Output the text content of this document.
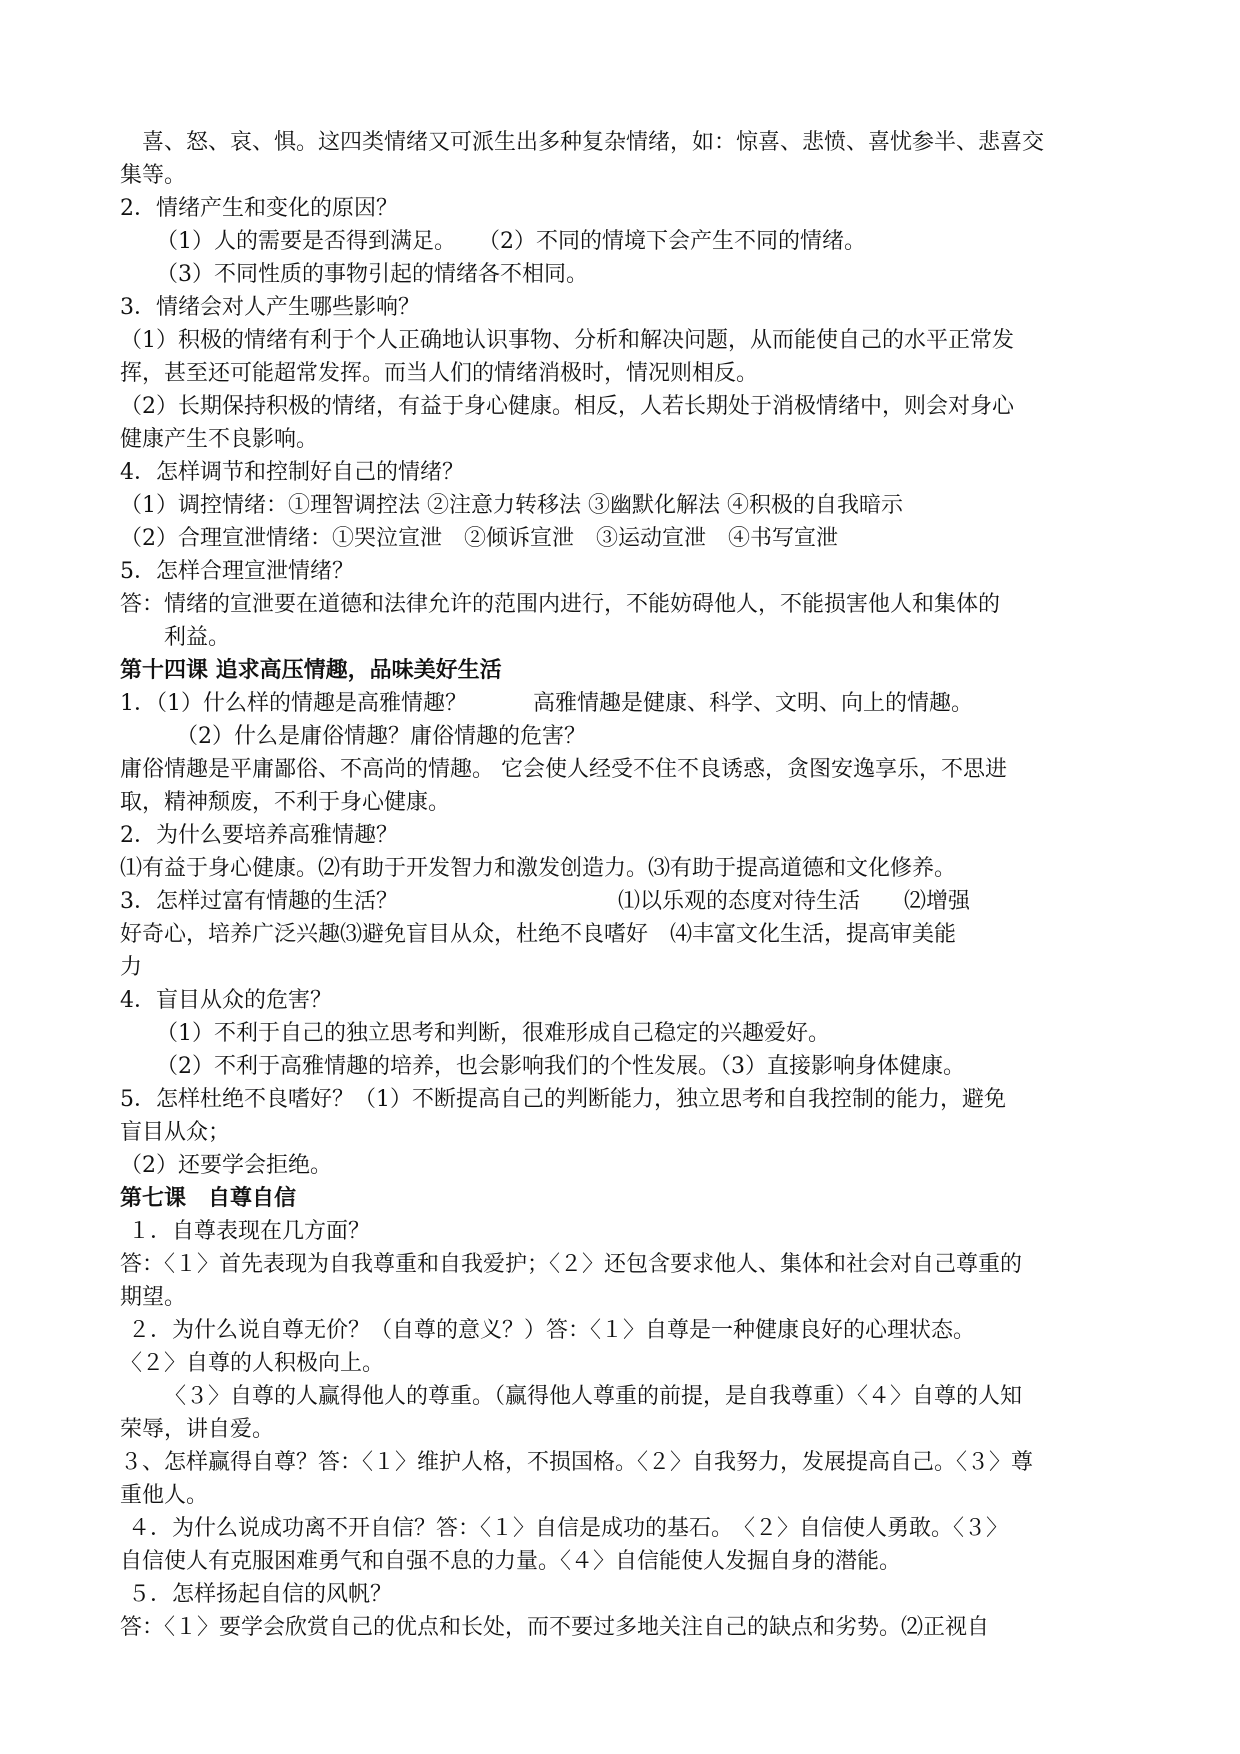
　喜、怒、哀、惧。这四类情绪又可派生出多种复杂情绪，如：惊喜、悲愤、喜忧参半、悲喜交
集等。
2．情绪产生和变化的原因？
（1）人的需要是否得到满足。　　（2）不同的情境下会产生不同的情绪。
（3）不同性质的事物引起的情绪各不相同。
3．情绪会对人产生哪些影响？
（1）积极的情绪有利于个人正确地认识事物、分析和解决问题，从而能使自己的水平正常发
挥，甚至还可能超常发挥。而当人们的情绪消极时，情况则相反。
（2）长期保持积极的情绪，有益于身心健康。相反，人若长期处于消极情绪中，则会对身心
健康产生不良影响。
4．怎样调节和控制好自己的情绪？
（1）调控情绪：①理智调控法 ②注意力转移法 ③幽默化解法 ④积极的自我暗示
（2）合理宣泄情绪：①哭泣宣泄　②倾诉宣泄　③运动宣泄　④书写宣泄
5．怎样合理宣泄情绪？
答：情绪的宣泄要在道德和法律允许的范围内进行，不能妨碍他人，不能损害他人和集体的
利益。
第十四课 追求高压情趣，品味美好生活
1．（1）什么样的情趣是高雅情趣？　　　高雅情趣是健康、科学、文明、向上的情趣。
（2）什么是庸俗情趣？庸俗情趣的危害？
庸俗情趣是平庸鄙俗、不高尚的情趣。 它会使人经受不住不良诱惑，贪图安逸享乐，不思进
取，精神颓废，不利于身心健康。
2．为什么要培养高雅情趣？
⑴有益于身心健康。⑵有助于开发智力和激发创造力。⑶有助于提高道德和文化修养。
3．怎样过富有情趣的生活？　　　　　　　　　　⑴以乐观的态度对待生活　　⑵增强
好奇心，培养广泛兴趣⑶避免盲目从众，杜绝不良嗜好　⑷丰富文化生活，提高审美能
力
4．盲目从众的危害？
（1）不利于自己的独立思考和判断，很难形成自己稳定的兴趣爱好。
（2）不利于高雅情趣的培养，也会影响我们的个性发展。（3）直接影响身体健康。
5．怎样杜绝不良嗜好？（1）不断提高自己的判断能力，独立思考和自我控制的能力，避免
盲目从众；
（2）还要学会拒绝。
第七课　自尊自信
１．自尊表现在几方面？
答：〈１〉首先表现为自我尊重和自我爱护；〈２〉还包含要求他人、集体和社会对自己尊重的
期望。
２．为什么说自尊无价？（自尊的意义？）答：〈１〉自尊是一种健康良好的心理状态。
〈２〉自尊的人积极向上。
〈３〉自尊的人赢得他人的尊重。（赢得他人尊重的前提，是自我尊重）〈４〉自尊的人知
荣辱，讲自爱。
３、怎样赢得自尊？答：〈１〉维护人格，不损国格。〈２〉自我努力，发展提高自己。〈３〉尊
重他人。
４．为什么说成功离不开自信？答：〈１〉自信是成功的基石。　〈２〉自信使人勇敢。〈３〉
自信使人有克服困难勇气和自强不息的力量。〈４〉自信能使人发掘自身的潜能。
５．怎样扬起自信的风帆？
答：〈１〉要学会欣赏自己的优点和长处，而不要过多地关注自己的缺点和劣势。⑵正视自
